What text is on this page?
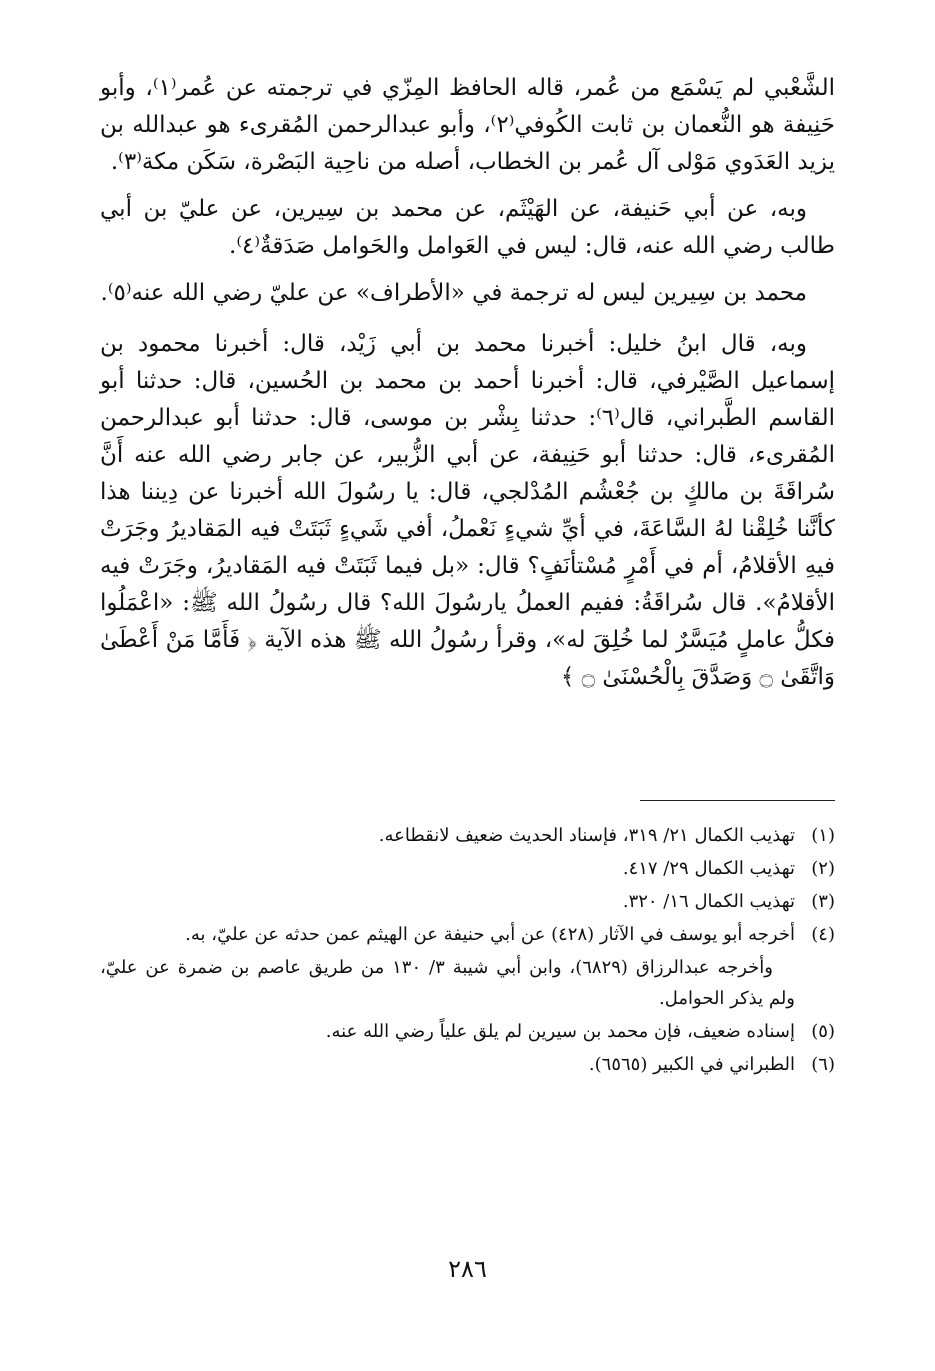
الشَّعْبي لم يَسْمَع من عُمر، قاله الحافظ المِزّي في ترجمته عن عُمر⁽١⁾، وأبو حَنِيفة هو النُّعمان بن ثابت الكُوفي⁽٢⁾، وأبو عبدالرحمن المُقرىء هو عبدالله بن يزيد العَدَوي مَوْلى آل عُمر بن الخطاب، أصله من ناحِية البَصْرة، سَكَن مكة⁽٣⁾.

وبه، عن أبي حَنيفة، عن الهَيْثَم، عن محمد بن سِيرين، عن عليّ بن أبي طالب رضي الله عنه، قال: ليس في العَوامل والحَوامل صَدَقةٌ⁽٤⁾.

محمد بن سِيرين ليس له ترجمة في «الأطراف» عن عليّ رضي الله عنه⁽٥⁾.

وبه، قال ابنُ خليل: أخبرنا محمد بن أبي زَيْد، قال: أخبرنا محمود بن إسماعيل الصَّيْرفي، قال: أخبرنا أحمد بن محمد بن الحُسين، قال: حدثنا أبو القاسم الطَّبراني، قال⁽٦⁾: حدثنا بِشْر بن موسى، قال: حدثنا أبو عبدالرحمن المُقرىء، قال: حدثنا أبو حَنِيفة، عن أبي الزُّبير، عن جابر رضي الله عنه أَنَّ سُراقَةَ بن مالكٍ بن جُعْشُم المُدْلجي، قال: يا رسُولَ الله أخبرنا عن دِيننا هذا كأنَّنا خُلِقْنا لهُ السَّاعَةَ، في أيِّ شيءٍ نَعْملُ، أفي شَيءٍ ثَبَتَتْ فيه المَقاديرُ وجَرَتْ فيهِ الأقلامُ، أم في أَمْرٍ مُسْتأنَفٍ؟ قال: «بل فيما ثَبَتَتْ فيه المَقاديرُ، وجَرَتْ فيه الأقلامُ». قال سُراقَةُ: ففيم العملُ يارسُولَ الله؟ قال رسُولُ الله ﷺ: «اعْمَلُوا فكلُّ عاملٍ مُيَسَّرٌ لما خُلِقَ له»، وقرأ رسُولُ الله ﷺ هذه الآية ﴿ فَأَمَّا مَنْ أَعْطَىٰ وَاتَّقَىٰ ۝ وَصَدَّقَ بِالْحُسْنَىٰ ۝ ﴾

(١)
تهذيب الكمال ٢١/ ٣١٩، فإسناد الحديث ضعيف لانقطاعه.
(٢)
تهذيب الكمال ٢٩/ ٤١٧.
(٣)
تهذيب الكمال ١٦/ ٣٢٠.
(٤)
أخرجه أبو يوسف في الآثار (٤٢٨) عن أبي حنيفة عن الهيثم عمن حدثه عن عليّ، به.
وأخرجه عبدالرزاق (٦٨٢٩)، وابن أبي شيبة ٣/ ١٣٠ من طريق عاصم بن ضمرة عن عليّ، ولم يذكر الحوامل.
(٥)
إسناده ضعيف، فإن محمد بن سيرين لم يلق علياً رضي الله عنه.
(٦)
الطبراني في الكبير (٦٥٦٥).
٢٨٦
